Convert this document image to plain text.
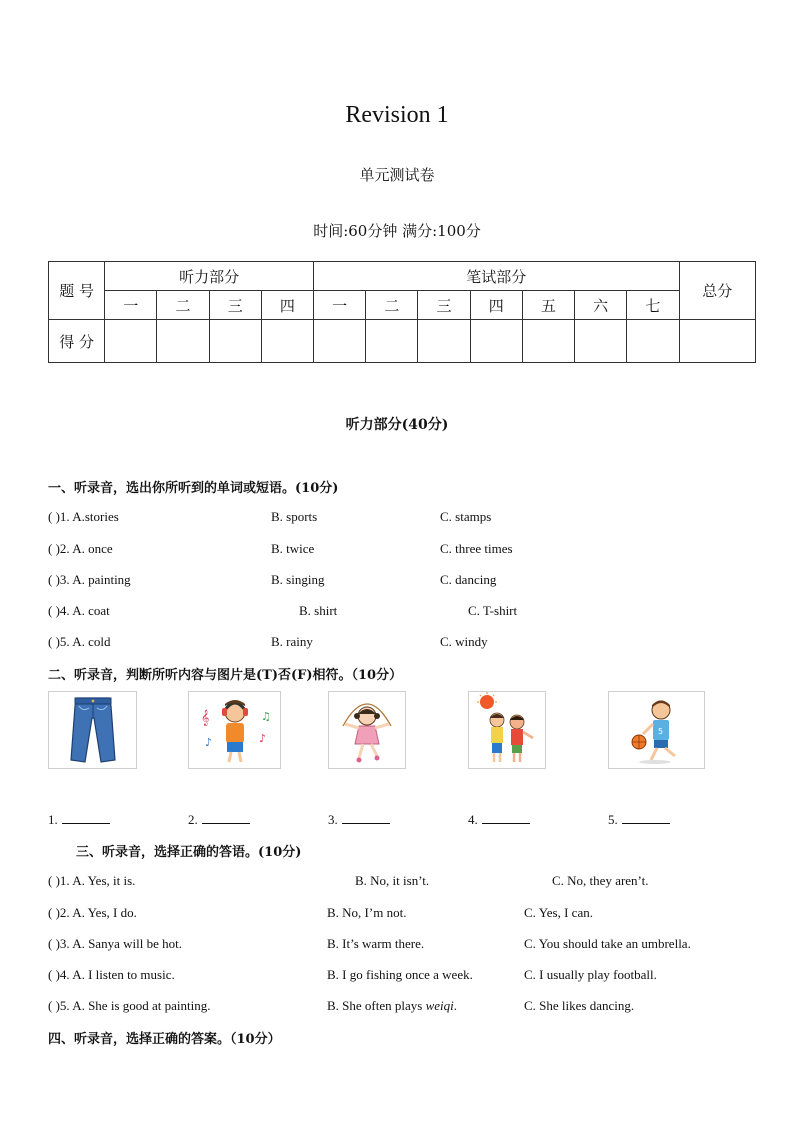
Revision 1
单元测试卷
时间:60分钟 满分:100分
题 号	听力部分				笔试部分							总分
	一	二	三	四	一	二	三	四	五	六	七	
得 分												
听力部分(40分)
一、听录音，选出你所听到的单词或短语。(10分)
( )1. A.stories	B. sports	C. stamps
( )2. A. once	B. twice	C. three times
( )3. A. painting	B. singing	C. dancing
( )4. A. coat	B. shirt	C. T-shirt
( )5. A. cold	B. rainy	C. windy
二、听录音，判断所听内容与图片是(T)否(F)相符。（10分）
𝄞	♫
♪	♪
5
1.	2.	3.	4.	5.
三、听录音，选择正确的答语。(10分)
( )1. A. Yes, it is.	B. No, it isn’t.	C. No, they aren’t.
( )2. A. Yes, I do.	B. No, I’m not.	C. Yes, I can.
( )3. A. Sanya will be hot.	B. It’s warm there.	C. You should take an umbrella.
( )4. A. I listen to music.	B. I go fishing once a week.	C. I usually play football.
( )5. A. She is good at painting.	B. She often plays weiqi.	C. She likes dancing.
四、听录音，选择正确的答案。（10分）
